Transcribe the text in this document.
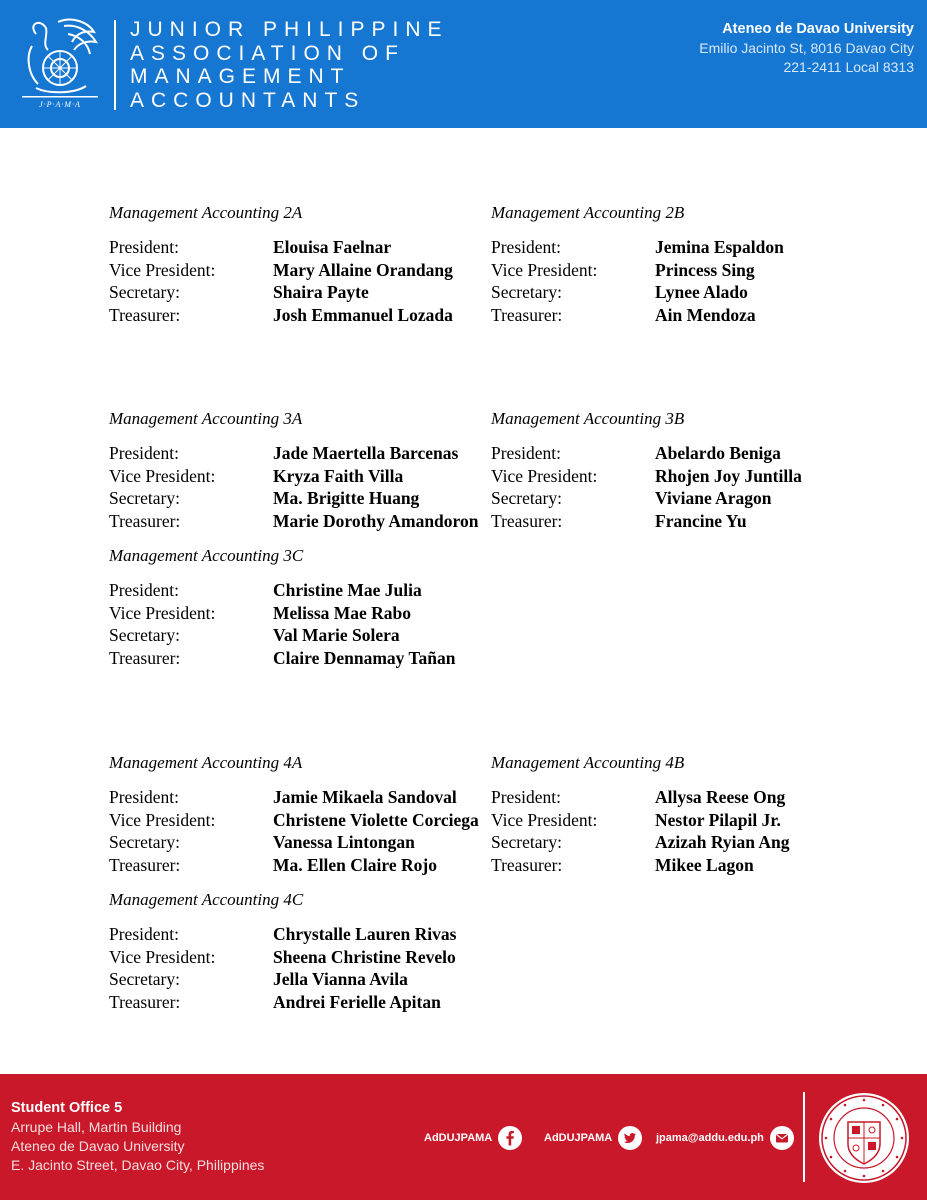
J·P·A·M·A
JUNIOR PHILIPPINE
ASSOCIATION OF
MANAGEMENT
ACCOUNTANTS
Ateneo de Davao University
Emilio Jacinto St, 8016 Davao City
221-2411 Local 8313
Management Accounting 2A
President:	Elouisa Faelnar
Vice President:	Mary Allaine Orandang
Secretary:	Shaira Payte
Treasurer:	Josh Emmanuel Lozada
Management Accounting 2B
President:	Jemina Espaldon
Vice President:	Princess Sing
Secretary:	Lynee Alado
Treasurer:	Ain Mendoza
Management Accounting 3A
President:	Jade Maertella Barcenas
Vice President:	Kryza Faith Villa
Secretary:	Ma. Brigitte Huang
Treasurer:	Marie Dorothy Amandoron
Management Accounting 3B
President:	Abelardo Beniga
Vice President:	Rhojen Joy Juntilla
Secretary:	Viviane Aragon
Treasurer:	Francine Yu
Management Accounting 3C
President:	Christine Mae Julia
Vice President:	Melissa Mae Rabo
Secretary:	Val Marie Solera
Treasurer:	Claire Dennamay Tañan
Management Accounting 4A
President:	Jamie Mikaela Sandoval
Vice President:	Christene Violette Corciega
Secretary:	Vanessa Lintongan
Treasurer:	Ma. Ellen Claire Rojo
Management Accounting 4B
President:	Allysa Reese Ong
Vice President:	Nestor Pilapil Jr.
Secretary:	Azizah Ryian Ang
Treasurer:	Mikee Lagon
Management Accounting 4C
President:	Chrystalle Lauren Rivas
Vice President:	Sheena Christine Revelo
Secretary:	Jella Vianna Avila
Treasurer:	Andrei Ferielle Apitan
Student Office 5
Arrupe Hall, Martin Building
Ateneo de Davao University
E. Jacinto Street, Davao City, Philippines
AdDUJPAMA	AdDUJPAMA	jpama@addu.edu.ph
